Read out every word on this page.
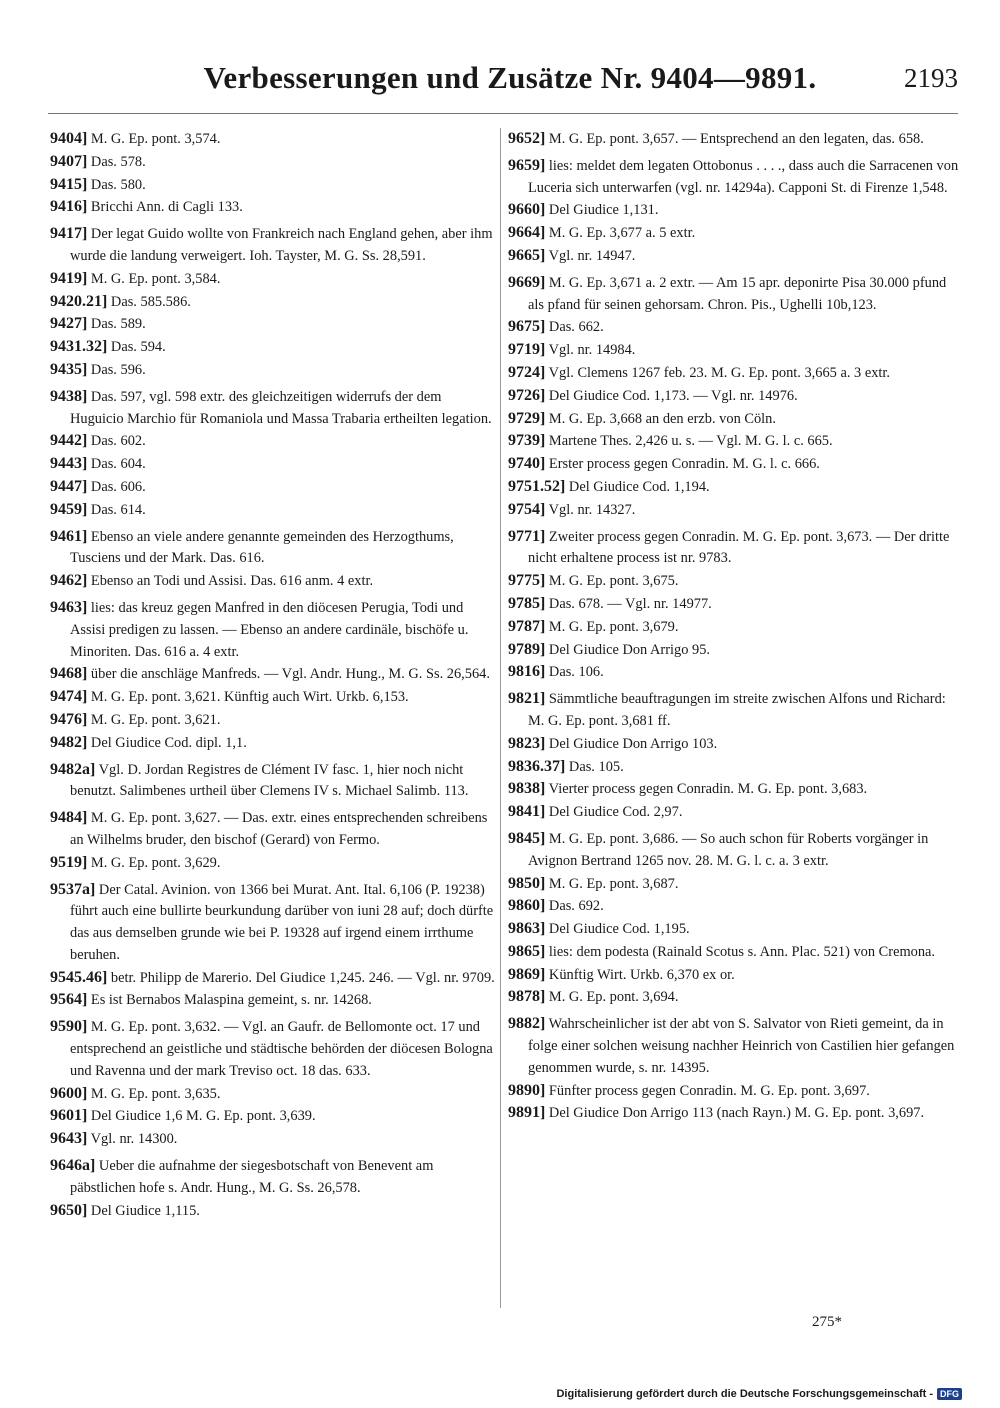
Verbesserungen und Zusätze Nr. 9404—9891.	2193

9404] M. G. Ep. pont. 3,574.

9407] Das. 578.

9415] Das. 580.

9416] Bricchi Ann. di Cagli 133.

9417] Der legat Guido wollte von Frankreich nach England gehen, aber ihm wurde die landung verweigert. Ioh. Tayster, M. G. Ss. 28,591.

9419] M. G. Ep. pont. 3,584.

9420.21] Das. 585.586.

9427] Das. 589.

9431.32] Das. 594.

9435] Das. 596.

9438] Das. 597, vgl. 598 extr. des gleichzeitigen widerrufs der dem Huguicio Marchio für Romaniola und Massa Trabaria ertheilten legation.

9442] Das. 602.

9443] Das. 604.

9447] Das. 606.

9459] Das. 614.

9461] Ebenso an viele andere genannte gemeinden des Herzogthums, Tusciens und der Mark. Das. 616.

9462] Ebenso an Todi und Assisi. Das. 616 anm. 4 extr.

9463] lies: das kreuz gegen Manfred in den diöcesen Perugia, Todi und Assisi predigen zu lassen. — Ebenso an andere cardinäle, bischöfe u. Minoriten. Das. 616 a. 4 extr.

9468] über die anschläge Manfreds. — Vgl. Andr. Hung., M. G. Ss. 26,564.

9474] M. G. Ep. pont. 3,621. Künftig auch Wirt. Urkb. 6,153.

9476] M. G. Ep. pont. 3,621.

9482] Del Giudice Cod. dipl. 1,1.

9482a] Vgl. D. Jordan Registres de Clément IV fasc. 1, hier noch nicht benutzt. Salimbenes urtheil über Clemens IV s. Michael Salimb. 113.

9484] M. G. Ep. pont. 3,627. — Das. extr. eines entsprechenden schreibens an Wilhelms bruder, den bischof (Gerard) von Fermo.

9519] M. G. Ep. pont. 3,629.

9537a] Der Catal. Avinion. von 1366 bei Murat. Ant. Ital. 6,106 (P. 19238) führt auch eine bullirte beurkundung darüber von iuni 28 auf; doch dürfte das aus demselben grunde wie bei P. 19328 auf irgend einem irrthume beruhen.

9545.46] betr. Philipp de Marerio. Del Giudice 1,245. 246. — Vgl. nr. 9709.

9564] Es ist Bernabos Malaspina gemeint, s. nr. 14268.

9590] M. G. Ep. pont. 3,632. — Vgl. an Gaufr. de Bellomonte oct. 17 und entsprechend an geistliche und städtische behörden der diöcesen Bologna und Ravenna und der mark Treviso oct. 18 das. 633.

9600] M. G. Ep. pont. 3,635.

9601] Del Giudice 1,6 M. G. Ep. pont. 3,639.

9643] Vgl. nr. 14300.

9646a] Ueber die aufnahme der siegesbotschaft von Benevent am päbstlichen hofe s. Andr. Hung., M. G. Ss. 26,578.

9650] Del Giudice 1,115.

9652] M. G. Ep. pont. 3,657. — Entsprechend an den legaten, das. 658.

9659] lies: meldet dem legaten Ottobonus . . . ., dass auch die Sarracenen von Luceria sich unterwarfen (vgl. nr. 14294a). Capponi St. di Firenze 1,548.

9660] Del Giudice 1,131.

9664] M. G. Ep. 3,677 a. 5 extr.

9665] Vgl. nr. 14947.

9669] M. G. Ep. 3,671 a. 2 extr. — Am 15 apr. deponirte Pisa 30.000 pfund als pfand für seinen gehorsam. Chron. Pis., Ughelli 10b,123.

9675] Das. 662.

9719] Vgl. nr. 14984.

9724] Vgl. Clemens 1267 feb. 23. M. G. Ep. pont. 3,665 a. 3 extr.

9726] Del Giudice Cod. 1,173. — Vgl. nr. 14976.

9729] M. G. Ep. 3,668 an den erzb. von Cöln.

9739] Martene Thes. 2,426 u. s. — Vgl. M. G. l. c. 665.

9740] Erster process gegen Conradin. M. G. l. c. 666.

9751.52] Del Giudice Cod. 1,194.

9754] Vgl. nr. 14327.

9771] Zweiter process gegen Conradin. M. G. Ep. pont. 3,673. — Der dritte nicht erhaltene process ist nr. 9783.

9775] M. G. Ep. pont. 3,675.

9785] Das. 678. — Vgl. nr. 14977.

9787] M. G. Ep. pont. 3,679.

9789] Del Giudice Don Arrigo 95.

9816] Das. 106.

9821] Sämmtliche beauftragungen im streite zwischen Alfons und Richard: M. G. Ep. pont. 3,681 ff.

9823] Del Giudice Don Arrigo 103.

9836.37] Das. 105.

9838] Vierter process gegen Conradin. M. G. Ep. pont. 3,683.

9841] Del Giudice Cod. 2,97.

9845] M. G. Ep. pont. 3,686. — So auch schon für Roberts vorgänger in Avignon Bertrand 1265 nov. 28. M. G. l. c. a. 3 extr.

9850] M. G. Ep. pont. 3,687.

9860] Das. 692.

9863] Del Giudice Cod. 1,195.

9865] lies: dem podesta (Rainald Scotus s. Ann. Plac. 521) von Cremona.

9869] Künftig Wirt. Urkb. 6,370 ex or.

9878] M. G. Ep. pont. 3,694.

9882] Wahrscheinlicher ist der abt von S. Salvator von Rieti gemeint, da in folge einer solchen weisung nachher Heinrich von Castilien hier gefangen genommen wurde, s. nr. 14395.

9890] Fünfter process gegen Conradin. M. G. Ep. pont. 3,697.

9891] Del Giudice Don Arrigo 113 (nach Rayn.) M. G. Ep. pont. 3,697.

275*
Digitalisierung gefördert durch die Deutsche Forschungsgemeinschaft - DFG
